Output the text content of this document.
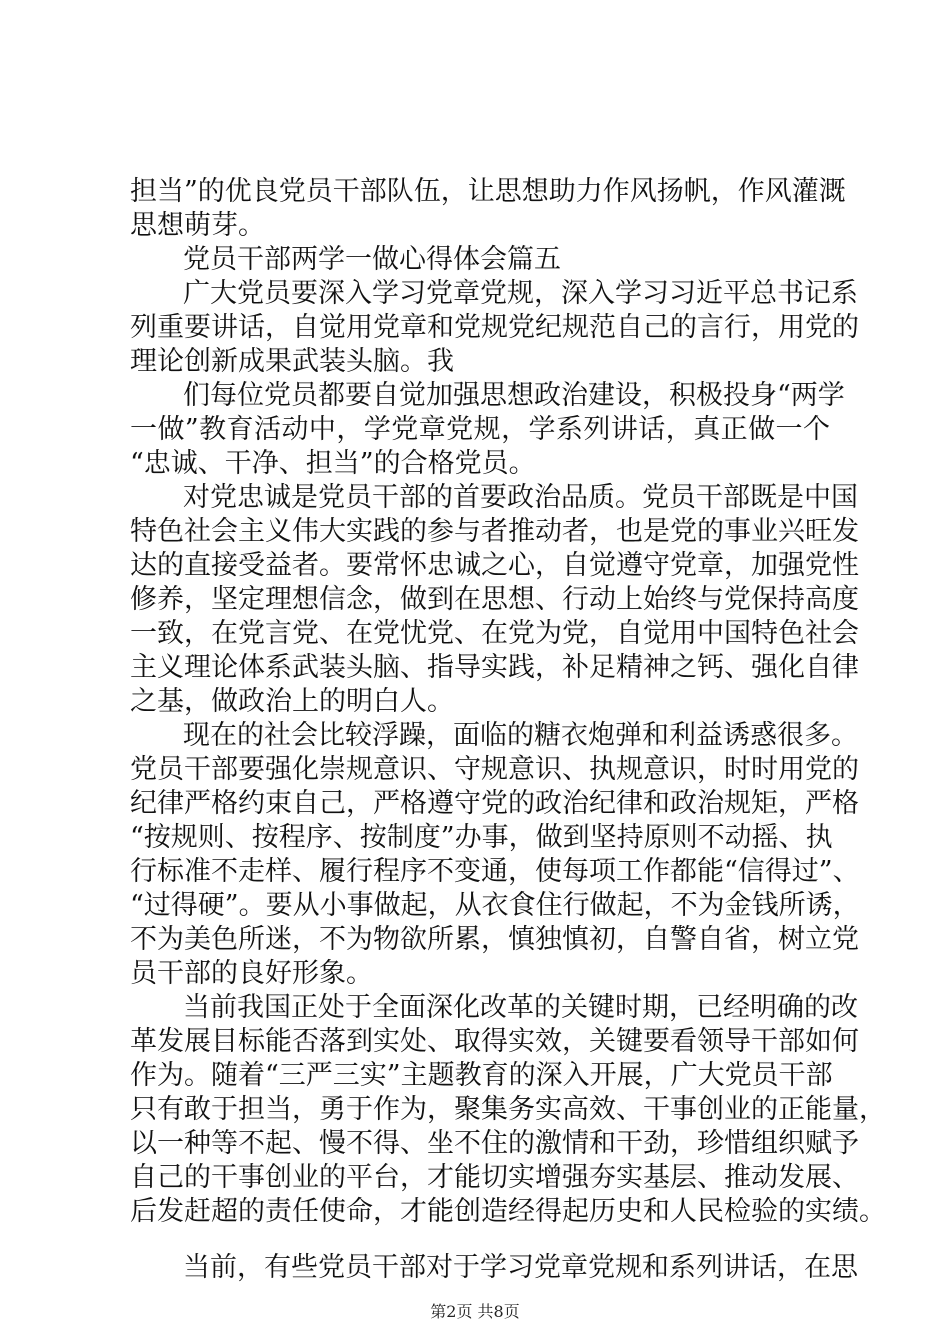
担当”的优良党员干部队伍，让思想助力作风扬帆，作风灌溉
思想萌芽。
党员干部两学一做心得体会篇五
广大党员要深入学习党章党规，深入学习习近平总书记系
列重要讲话，自觉用党章和党规党纪规范自己的言行，用党的
理论创新成果武装头脑。我
们每位党员都要自觉加强思想政治建设，积极投身“两学
一做”教育活动中，学党章党规，学系列讲话，真正做一个
“忠诚、干净、担当”的合格党员。
对党忠诚是党员干部的首要政治品质。党员干部既是中国
特色社会主义伟大实践的参与者推动者，也是党的事业兴旺发
达的直接受益者。要常怀忠诚之心，自觉遵守党章，加强党性
修养，坚定理想信念，做到在思想、行动上始终与党保持高度
一致，在党言党、在党忧党、在党为党，自觉用中国特色社会
主义理论体系武装头脑、指导实践，补足精神之钙、强化自律
之基，做政治上的明白人。
现在的社会比较浮躁，面临的糖衣炮弹和利益诱惑很多。
党员干部要强化崇规意识、守规意识、执规意识，时时用党的
纪律严格约束自己，严格遵守党的政治纪律和政治规矩，严格
“按规则、按程序、按制度”办事，做到坚持原则不动摇、执
行标准不走样、履行程序不变通，使每项工作都能“信得过”、
“过得硬”。要从小事做起，从衣食住行做起，不为金钱所诱，
不为美色所迷，不为物欲所累，慎独慎初，自警自省，树立党
员干部的良好形象。
当前我国正处于全面深化改革的关键时期，已经明确的改
革发展目标能否落到实处、取得实效，关键要看领导干部如何
作为。随着“三严三实”主题教育的深入开展，广大党员干部
只有敢于担当，勇于作为，聚集务实高效、干事创业的正能量，
以一种等不起、慢不得、坐不住的激情和干劲，珍惜组织赋予
自己的干事创业的平台，才能切实增强夯实基层、推动发展、
后发赶超的责任使命，才能创造经得起历史和人民检验的实绩。
当前，有些党员干部对于学习党章党规和系列讲话，在思
第2页 共8页
